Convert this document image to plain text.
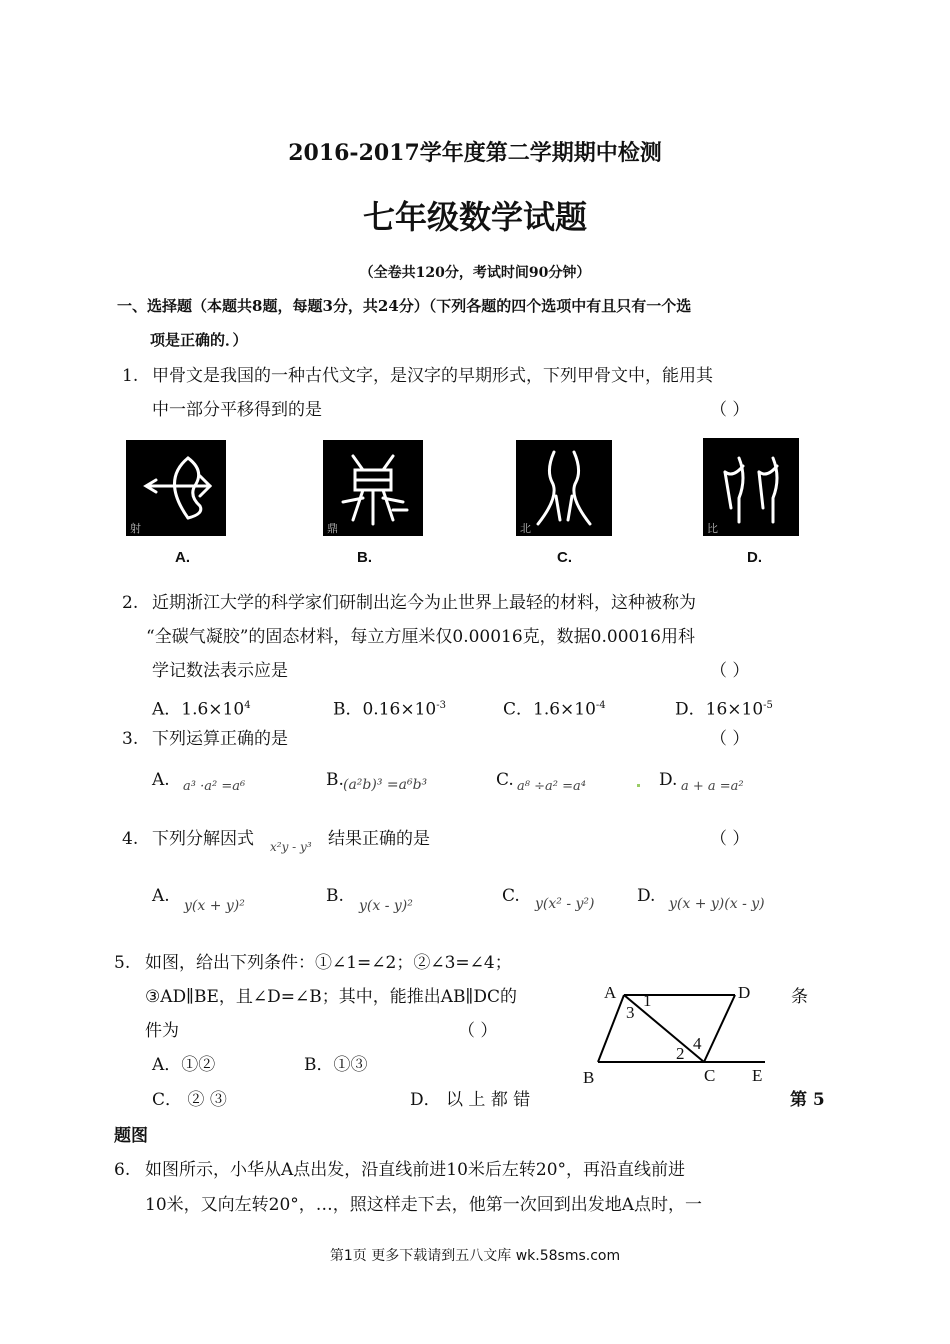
2016-2017学年度第二学期期中检测
七年级数学试题
（全卷共120分，考试时间90分钟）
一、选择题（本题共8题，每题3分，共24分）（下列各题的四个选项中有且只有一个选
项是正确的．）
1. 甲骨文是我国的一种古代文字，是汉字的早期形式，下列甲骨文中，能用其
中一部分平移得到的是	（ ）
射
A.
鼎
B.
北
C.
比
D.
2. 近期浙江大学的科学家们研制出迄今为止世界上最轻的材料，这种被称为
“全碳气凝胶”的固态材料，每立方厘米仅0.00016克，数据0.00016用科
学记数法表示应是	（ ）
A．$1.6\times 10^4$	B．$0.16\times 10^{-3}$	C．$1.6\times 10^{-4}$	D．$16\times 10^{-5}$
3. 下列运算正确的是	（ ）
A. a³ ·a² =a⁶	B. (a²b)³ =a⁶b³	C. a⁸ ÷a² =a⁴	D. a + a =a²
4. 下列分解因式 x²y - y³ 结果正确的是	（ ）
A. y(x + y)²	B. y(x - y)²	C. y(x² - y²)	D. y(x + y)(x - y)
5. 如图，给出下列条件：①∠1=∠2；②∠3=∠4；
③AD∥BE，且∠D=∠B；其中，能推出AB∥DC的	条
件为	（ ）
A．①②	B．①③
C． ② ③	D． 以 上 都 错	第 5
题图
A	D
B	C E
1
3
2
4
6. 如图所示，小华从A点出发，沿直线前进10米后左转20°，再沿直线前进
10米，又向左转20°，…，照这样走下去，他第一次回到出发地A点时，一
第1页 更多下载请到五八文库 wk.58sms.com
